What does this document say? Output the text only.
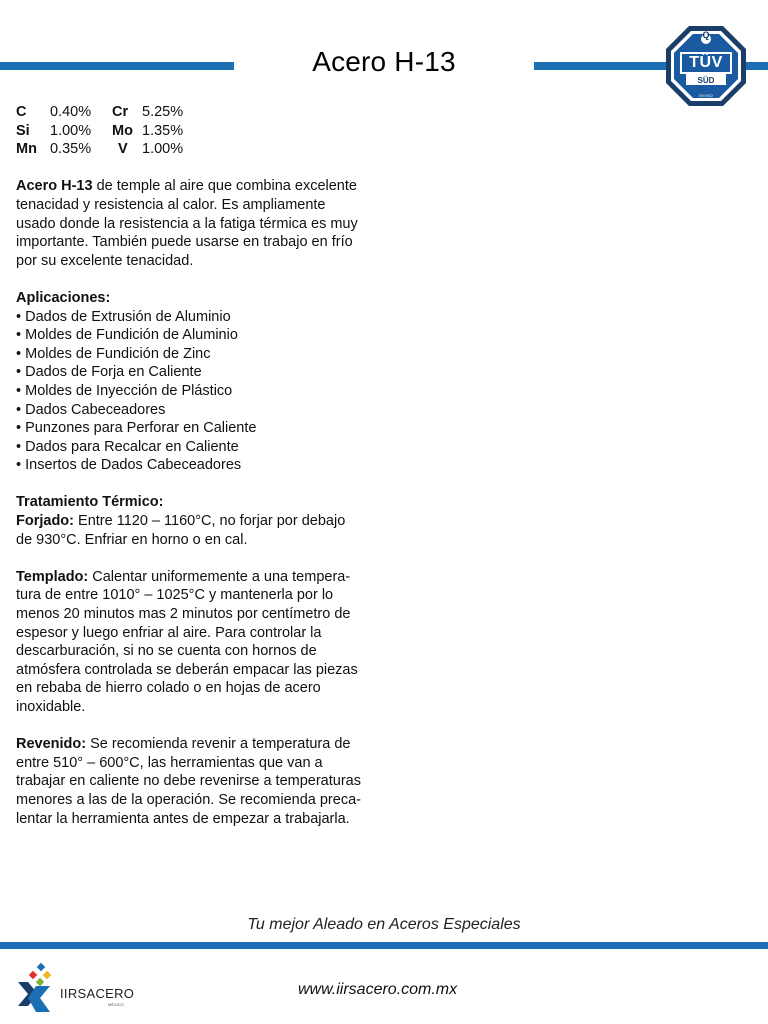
Acero H-13
Q
TÜV
SÜD
EN ISO
C	0.40%	Cr 5.25%
Si	1.00%	Mo 1.35%
Mn 0.35%	V 1.00%
Acero H-13 de temple al aire que combina excelente
tenacidad y resistencia al calor. Es ampliamente
usado donde la resistencia a la fatiga térmica es muy
importante. También puede usarse en trabajo en frío
por su excelente tenacidad.
Aplicaciones:
• Dados de Extrusión de Aluminio
• Moldes de Fundición de Aluminio
• Moldes de Fundición de Zinc
• Dados de Forja en Caliente
• Moldes de Inyección de Plástico
• Dados Cabeceadores
• Punzones para Perforar en Caliente
• Dados para Recalcar en Caliente
• Insertos de Dados Cabeceadores
Tratamiento Térmico:
Forjado: Entre 1120 – 1160°C, no forjar por debajo
de 930°C. Enfriar en horno o en cal.
Templado: Calentar uniformemente a una tempera-
tura de entre 1010° – 1025°C y mantenerla por lo
menos 20 minutos mas 2 minutos por centímetro de
espesor y luego enfriar al aire. Para controlar la
descarburación, si no se cuenta con hornos de
atmósfera controlada se deberán empacar las piezas
en rebaba de hierro colado o en hojas de acero
inoxidable.
Revenido: Se recomienda revenir a temperatura de
entre 510° – 600°C, las herramientas que van a
trabajar en caliente no debe revenirse a temperaturas
menores a las de la operación. Se recomienda preca-
lentar la herramienta antes de empezar a trabajarla.
Tu mejor Aleado en Aceros Especiales
IIRSACERO
MÉXICO
www.iirsacero.com.mx
